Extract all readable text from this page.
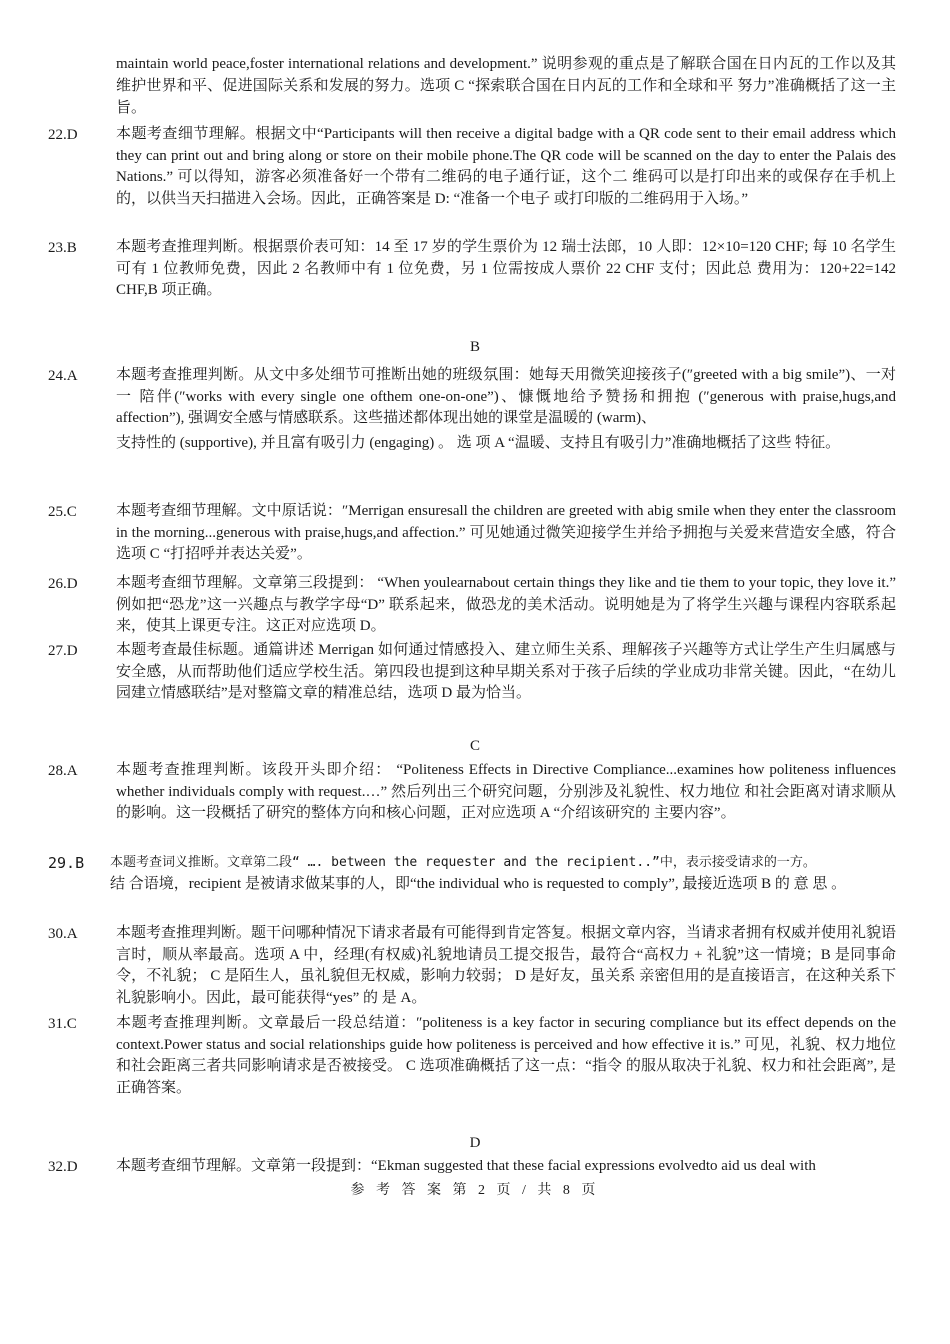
maintain world peace,foster international relations and development.” 说明参观的重点是了解联合国在日内瓦的工作以及其维护世界和平、促进国际关系和发展的努力。选项 C “探索联合国在日内瓦的工作和全球和平 努力”准确概括了这一主旨。
22.D	本题考查细节理解。根据文中“Participants will then receive a digital badge with a QR code sent to their email address which they can print out and bring along or store on their mobile phone.The QR code will be scanned on the day to enter the Palais des Nations.” 可以得知，游客必须准备好一个带有二维码的电子通行证，这个二 维码可以是打印出来的或保存在手机上的，以供当天扫描进入会场。因此，正确答案是 D: “准备一个电子 或打印版的二维码用于入场。”

23.B	本题考查推理判断。根据票价表可知：14 至 17 岁的学生票价为 12 瑞士法郎，10 人即：12×10=120 CHF; 每 10 名学生可有 1 位教师免费，因此 2 名教师中有 1 位免费，另 1 位需按成人票价 22 CHF 支付；因此总 费用为：120+22=142 CHF,B 项正确。

B
24.A	本题考查推理判断。从文中多处细节可推断出她的班级氛围：她每天用微笑迎接孩子(″greeted with a big smile”)、一对 一 陪伴(″works with every single one ofthem one-on-one”)、慷慨地给予赞扬和拥抱 (″generous with praise,hugs,and affection”), 强调安全感与情感联系。这些描述都体现出她的课堂是温暖的 (warm)、

支持性的 (supportive), 并且富有吸引力 (engaging) 。 选 项 A “温暖、支持且有吸引力”准确地概括了这些 特征。

25.C	本题考查细节理解。文中原话说：″Merrigan ensuresall the children are greeted with abig smile when they enter the classroom in the morning...generous with praise,hugs,and affection.” 可见她通过微笑迎接学生并给予拥抱与关爱来营造安全感，符合选项 C “打招呼并表达关爱”。

26.D	本题考查细节理解。文章第三段提到： “When youlearnabout certain things they like and tie them to your topic, they love it.” 例如把“恐龙”这一兴趣点与教学字母“D” 联系起来，做恐龙的美术活动。说明她是为了将学生兴趣与课程内容联系起来，使其上课更专注。这正对应选项 D。

27.D	本题考查最佳标题。通篇讲述 Merrigan 如何通过情感投入、建立师生关系、理解孩子兴趣等方式让学生产生归属感与安全感，从而帮助他们适应学校生活。第四段也提到这种早期关系对于孩子后续的学业成功非常关键。因此，“在幼儿园建立情感联结”是对整篇文章的精准总结，选项 D 最为恰当。

C
28.A	本题考查推理判断。该段开头即介绍： “Politeness Effects in Directive Compliance...examines how politeness influences whether individuals comply with request.…” 然后列出三个研究问题，分别涉及礼貌性、权力地位 和社会距离对请求顺从的影响。这一段概括了研究的整体方向和核心问题，正对应选项 A “介绍该研究的 主要内容”。

29.B	本题考查词义推断。文章第二段“ …. between the requester and the recipient..”中，表示接受请求的一方。

结 合语境，recipient 是被请求做某事的人，即“the individual who is requested to comply”, 最接近选项 B 的 意 思 。

30.A	本题考查推理判断。题干问哪种情况下请求者最有可能得到肯定答复。根据文章内容，当请求者拥有权威并使用礼貌语言时，顺从率最高。选项 A 中，经理(有权威)礼貌地请员工提交报告，最符合“高权力 + 礼貌”这一情境；B 是同事命令，不礼貌； C 是陌生人，虽礼貌但无权威，影响力较弱； D 是好友，虽关系 亲密但用的是直接语言，在这种关系下礼貌影响小。因此，最可能获得“yes” 的 是 A。

31.C	本题考查推理判断。文章最后一段总结道：″politeness is a key factor in securing compliance but its effect depends on the context.Power status and social relationships guide how politeness is perceived and how effective it is.” 可见，礼貌、权力地位和社会距离三者共同影响请求是否被接受。 C 选项准确概括了这一点：“指令 的服从取决于礼貌、权力和社会距离”, 是正确答案。

D
32.D	本题考查细节理解。文章第一段提到：“Ekman suggested that these facial expressions evolvedto aid us deal with

参 考 答 案 第 2 页 / 共 8 页
